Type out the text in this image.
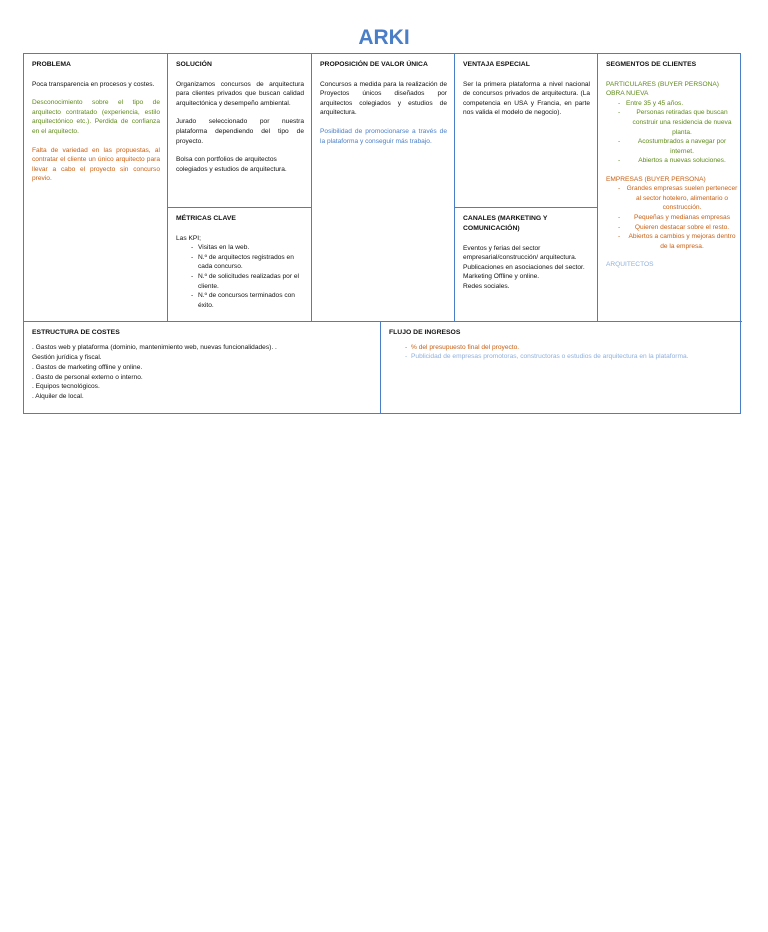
ARKI
PROBLEMA

Poca transparencia en procesos y costes.

Desconocimiento sobre el tipo de arquitecto contratado (experiencia, estilo arquitectónico etc.). Perdida de confianza en el arquitecto.

Falta de variedad en las propuestas, al contratar el cliente un único arquitecto para llevar a cabo el proyecto sin concurso previo.

SOLUCIÓN

Organizamos concursos de arquitectura para clientes privados que buscan calidad arquitectónica y desempeño ambiental.

Jurado seleccionado por nuestra plataforma dependiendo del tipo de proyecto.

Bolsa con portfolios de arquitectos colegiados y estudios de arquitectura.

MÉTRICAS CLAVE
Las KPI;
- Visitas en la web.
- N.º de arquitectos registrados en cada concurso.
- N.º de solicitudes realizadas por el cliente.
- N.º de concursos terminados con éxito.
PROPOSICIÓN DE VALOR ÚNICA

Concursos a medida para la realización de Proyectos únicos diseñados por arquitectos colegiados y estudios de arquitectura.

Posibilidad de promocionarse a través de la plataforma y conseguir más trabajo.

VENTAJA ESPECIAL

Ser la primera plataforma a nivel nacional de concursos privados de arquitectura. (La competencia en USA y Francia, en parte nos valida el modelo de negocio).

CANALES (MARKETING Y COMUNICACIÓN)
Eventos y ferias del sector empresarial/construcción/ arquitectura.
Publicaciones en asociaciones del sector.
Marketing Offline y online.
Redes sociales.
SEGMENTOS DE CLIENTES
PARTICULARES (BUYER PERSONA) OBRA NUEVA
- Entre 35 y 45 años.
- Personas retiradas que buscan construir una residencia de nueva planta.
- Acostumbrados a navegar por internet.
- Abiertos a nuevas soluciones.
EMPRESAS (BUYER PERSONA)
- Grandes empresas suelen pertenecer al sector hotelero, alimentario o construcción.
- Pequeñas y medianas empresas
- Quieren destacar sobre el resto.
- Abiertos a cambios y mejoras dentro de la empresa.
ARQUITECTOS
ESTRUCTURA DE COSTES
. Gastos web y plataforma (dominio, mantenimiento web, nuevas funcionalidades). . Gestión jurídica y fiscal.
. Gastos de marketing offline y online.
. Gasto de personal externo o interno.
. Equipos tecnológicos.
. Alquiler de local.
FLUJO DE INGRESOS
- % del presupuesto final del proyecto.
- Publicidad de empresas promotoras, constructoras o estudios de arquitectura en la plataforma.
